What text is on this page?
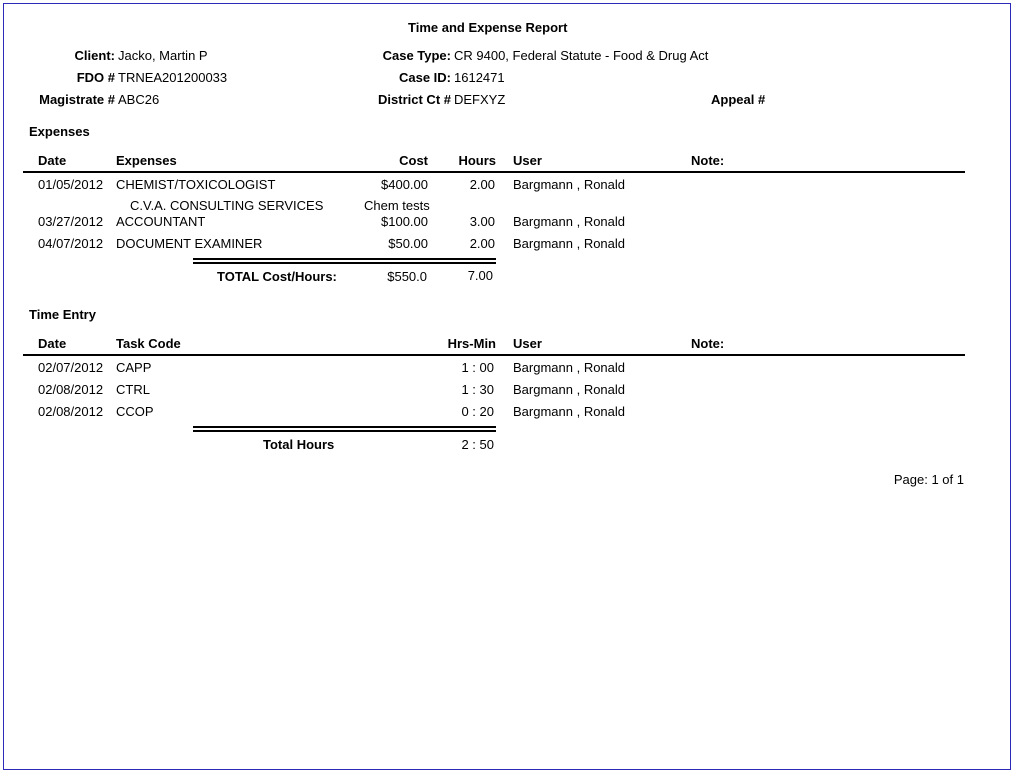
Time and Expense Report
Client: Jacko, Martin P
FDO # TRNEA201200033
Magistrate # ABC26
Case Type: CR 9400, Federal Statute - Food & Drug Act
Case ID: 1612471
District Ct # DEFXYZ	Appeal #
Expenses
Date	Expenses	Cost	Hours User	Note:
01/05/2012 CHEMIST/TOXICOLOGIST	$400.00	2.00 Bargmann , Ronald
C.V.A. CONSULTING SERVICES	Chem tests
03/27/2012 ACCOUNTANT	$100.00	3.00 Bargmann , Ronald
04/07/2012 DOCUMENT EXAMINER	$50.00	2.00 Bargmann , Ronald
TOTAL Cost/Hours:	$550.0	7.00
Time Entry
Date	Task Code	Hrs-Min User	Note:
02/07/2012 CAPP	1 : 00 Bargmann , Ronald
02/08/2012 CTRL	1 : 30 Bargmann , Ronald
02/08/2012 CCOP	0 : 20 Bargmann , Ronald
Total Hours	2 : 50
Page: 1 of 1
